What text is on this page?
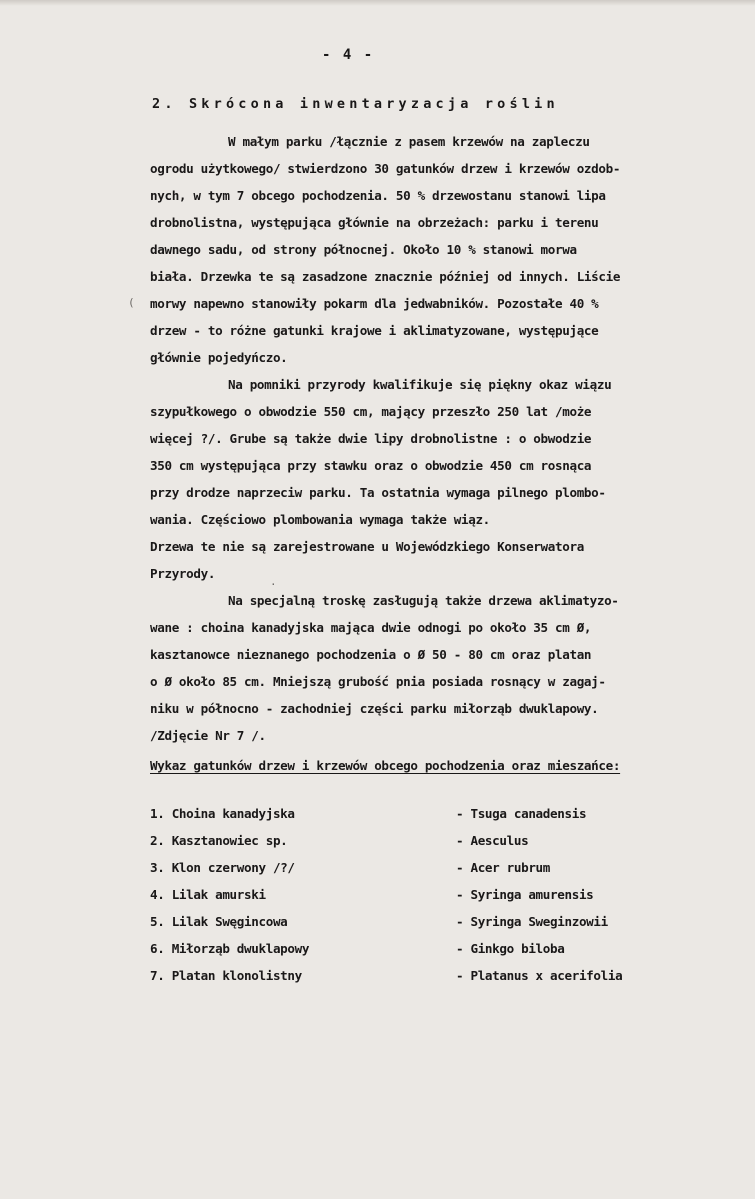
- 4 -
2. Skrócona inwentaryzacja roślin
W małym parku /łącznie z pasem krzewów na zapleczu
ogrodu użytkowego/ stwierdzono 30 gatunków drzew i krzewów ozdob-
nych, w tym 7 obcego pochodzenia. 50 % drzewostanu stanowi lipa
drobnolistna, występująca głównie na obrzeżach: parku i terenu
dawnego sadu, od strony północnej. Około 10 % stanowi morwa
biała. Drzewka te są zasadzone znacznie później od innych. Liście
morwy napewno stanowiły pokarm dla jedwabników. Pozostałe 40 %
drzew - to różne gatunki krajowe i aklimatyzowane, występujące
głównie pojedyńczo.
Na pomniki przyrody kwalifikuje się piękny okaz wiązu
szypułkowego o obwodzie 550 cm, mający przeszło 250 lat /może
więcej ?/. Grube są także dwie lipy drobnolistne : o obwodzie
350 cm występująca przy stawku oraz o obwodzie 450 cm rosnąca
przy drodze naprzeciw parku. Ta ostatnia wymaga pilnego plombo-
wania. Częściowo plombowania wymaga także wiąz.
Drzewa te nie są zarejestrowane u Wojewódzkiego Konserwatora
Przyrody.
Na specjalną troskę zasługują także drzewa aklimatyzo-
wane : choina kanadyjska mająca dwie odnogi po około 35 cm Ø,
kasztanowce nieznanego pochodzenia o Ø 50 - 80 cm oraz platan
o Ø około 85 cm. Mniejszą grubość pnia posiada rosnący w zagaj-
niku w północno - zachodniej części parku miłorząb dwuklapowy.
/Zdjęcie Nr 7 /.
Wykaz gatunków drzew i krzewów obcego pochodzenia oraz mieszańce:
1. Choina kanadyjska	- Tsuga canadensis
2. Kasztanowiec sp.	- Aesculus
3. Klon czerwony /?/	- Acer rubrum
4. Lilak amurski	- Syringa amurensis
5. Lilak Swęgincowa	- Syringa Sweginzowii
6. Miłorząb dwuklapowy	- Ginkgo biloba
7. Platan klonolistny	- Platanus x acerifolia
(
.
